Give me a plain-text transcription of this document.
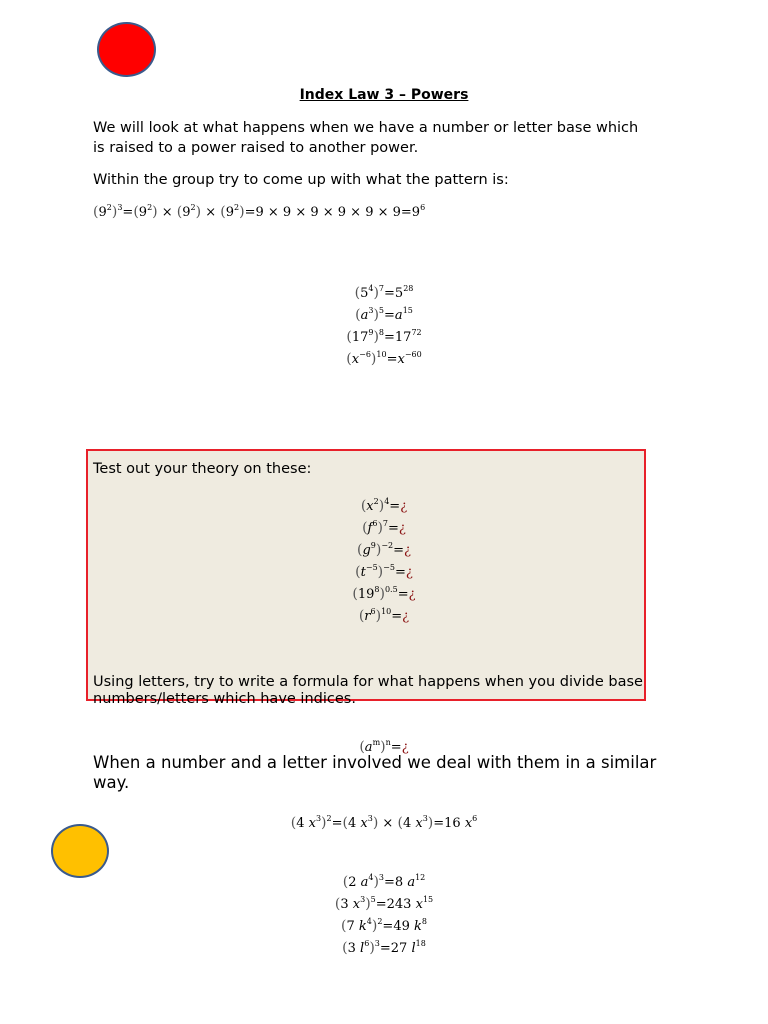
Index Law 3 – Powers
We will look at what happens when we have a number or letter base which is raised to a power raised to another power.
Within the group try to come up with what the pattern is:
$(9^2)^3=(9^2) \times (9^2) \times (9^2)=9 \times 9 \times 9 \times 9 \times 9 \times 9=9^6$
$(5^4)^7=5^{28}$
$(a^3)^5=a^{15}$
$(17^9)^8=17^{72}$
$(x^{-6})^{10}=x^{-60}$
Test out your theory on these:
$(x^2)^4=¿$
$(f^6)^7=¿$
$(g^9)^{-2}=¿$
$(t^{-5})^{-5}=¿$
$(19^8)^{0.5}=¿$
$(r^6)^{10}=¿$
Using letters, try to write a formula for what happens when you divide base numbers/letters which have indices.
$(a^m)^n=¿$
When a number and a letter involved we deal with them in a similar way.
(4 $x^3)^2=(4$ $x^3) \times (4$ $x^3)=16$ $x^6$
(2 $a^4)^3=8$ $a^{12}$
(3 $x^3)^5=243$ $x^{15}$
(7 $k^4)^2=49$ $k^8$
(3 $l^6)^3=27$ $l^{18}$
